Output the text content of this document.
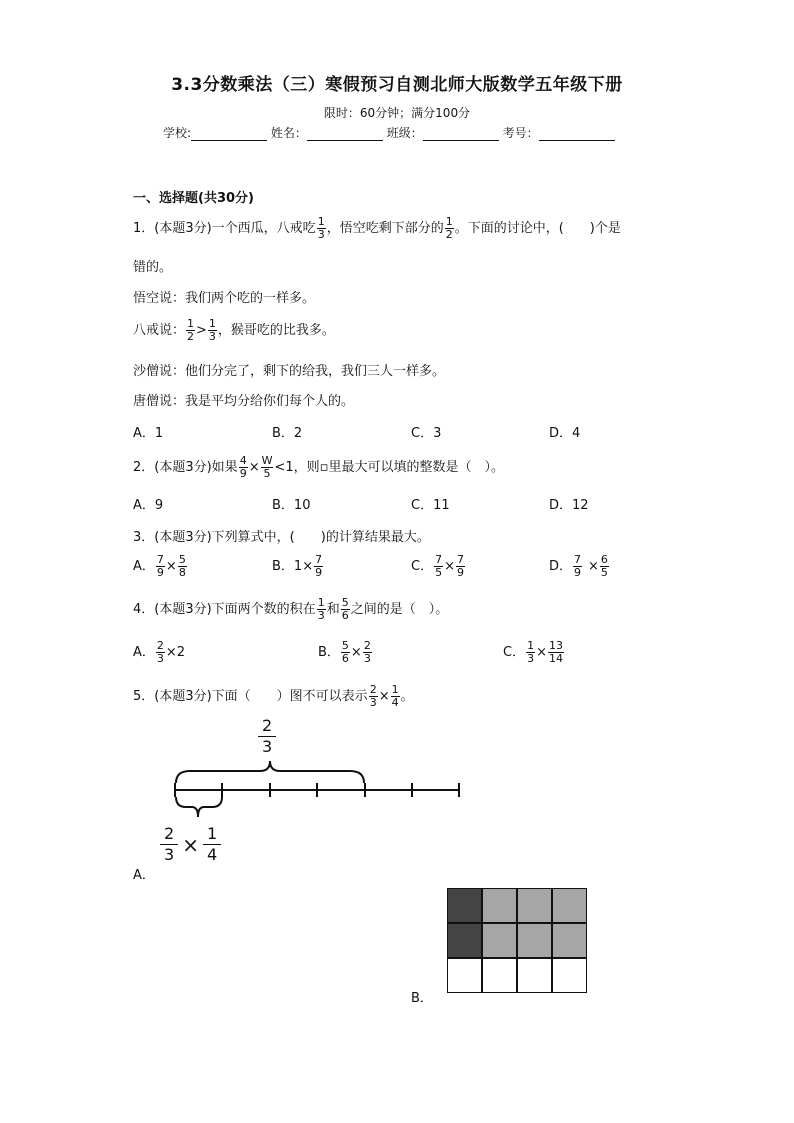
3.3分数乘法（三）寒假预习自测北师大版数学五年级下册
限时：60分钟；满分100分
学校:	姓名：	班级：	考号：
一、选择题(共30分)
1．(本题3分)一个西瓜，八戒吃 $\frac{1}{3}$ ，悟空吃剩下部分的 $\frac{1}{2}$ 。下面的讨论中，(　　)个是
错的。
悟空说：我们两个吃的一样多。
八戒说： $\frac{1}{2} > \frac{1}{3}$ ，猴哥吃的比我多。
沙僧说：他们分完了，剩下的给我，我们三人一样多。
唐僧说：我是平均分给你们每个人的。
A．1	B．2	C．3	D．4
2．(本题3分)如果 $\frac{4}{9} \times \frac{W}{5} <1$，则▫里最大可以填的整数是（　）。
A．9	B．10	C．11	D．12
3．(本题3分)下列算式中，(　　)的计算结果最大。
A． $\frac{7}{9} \times \frac{5}{8}$	B．$1\times \frac{7}{9}$	C． $\frac{7}{5} \times \frac{7}{9}$	D． $\frac{7}{9} \times \frac{6}{5}$
4．(本题3分)下面两个数的积在 $\frac{1}{3}$ 和 $\frac{5}{6}$ 之间的是（　）。
A． $\frac{2}{3} \times 2$	B． $\frac{5}{6} \times \frac{2}{3}$	C． $\frac{1}{3} \times \frac{13}{14}$
5．(本题3分)下面（　　）图不可以表示 $\frac{2}{3} \times \frac{1}{4}$ 。
$\frac{2}{3}$
$\frac{2}{3} \times \frac{1}{4}$
A．
B．
